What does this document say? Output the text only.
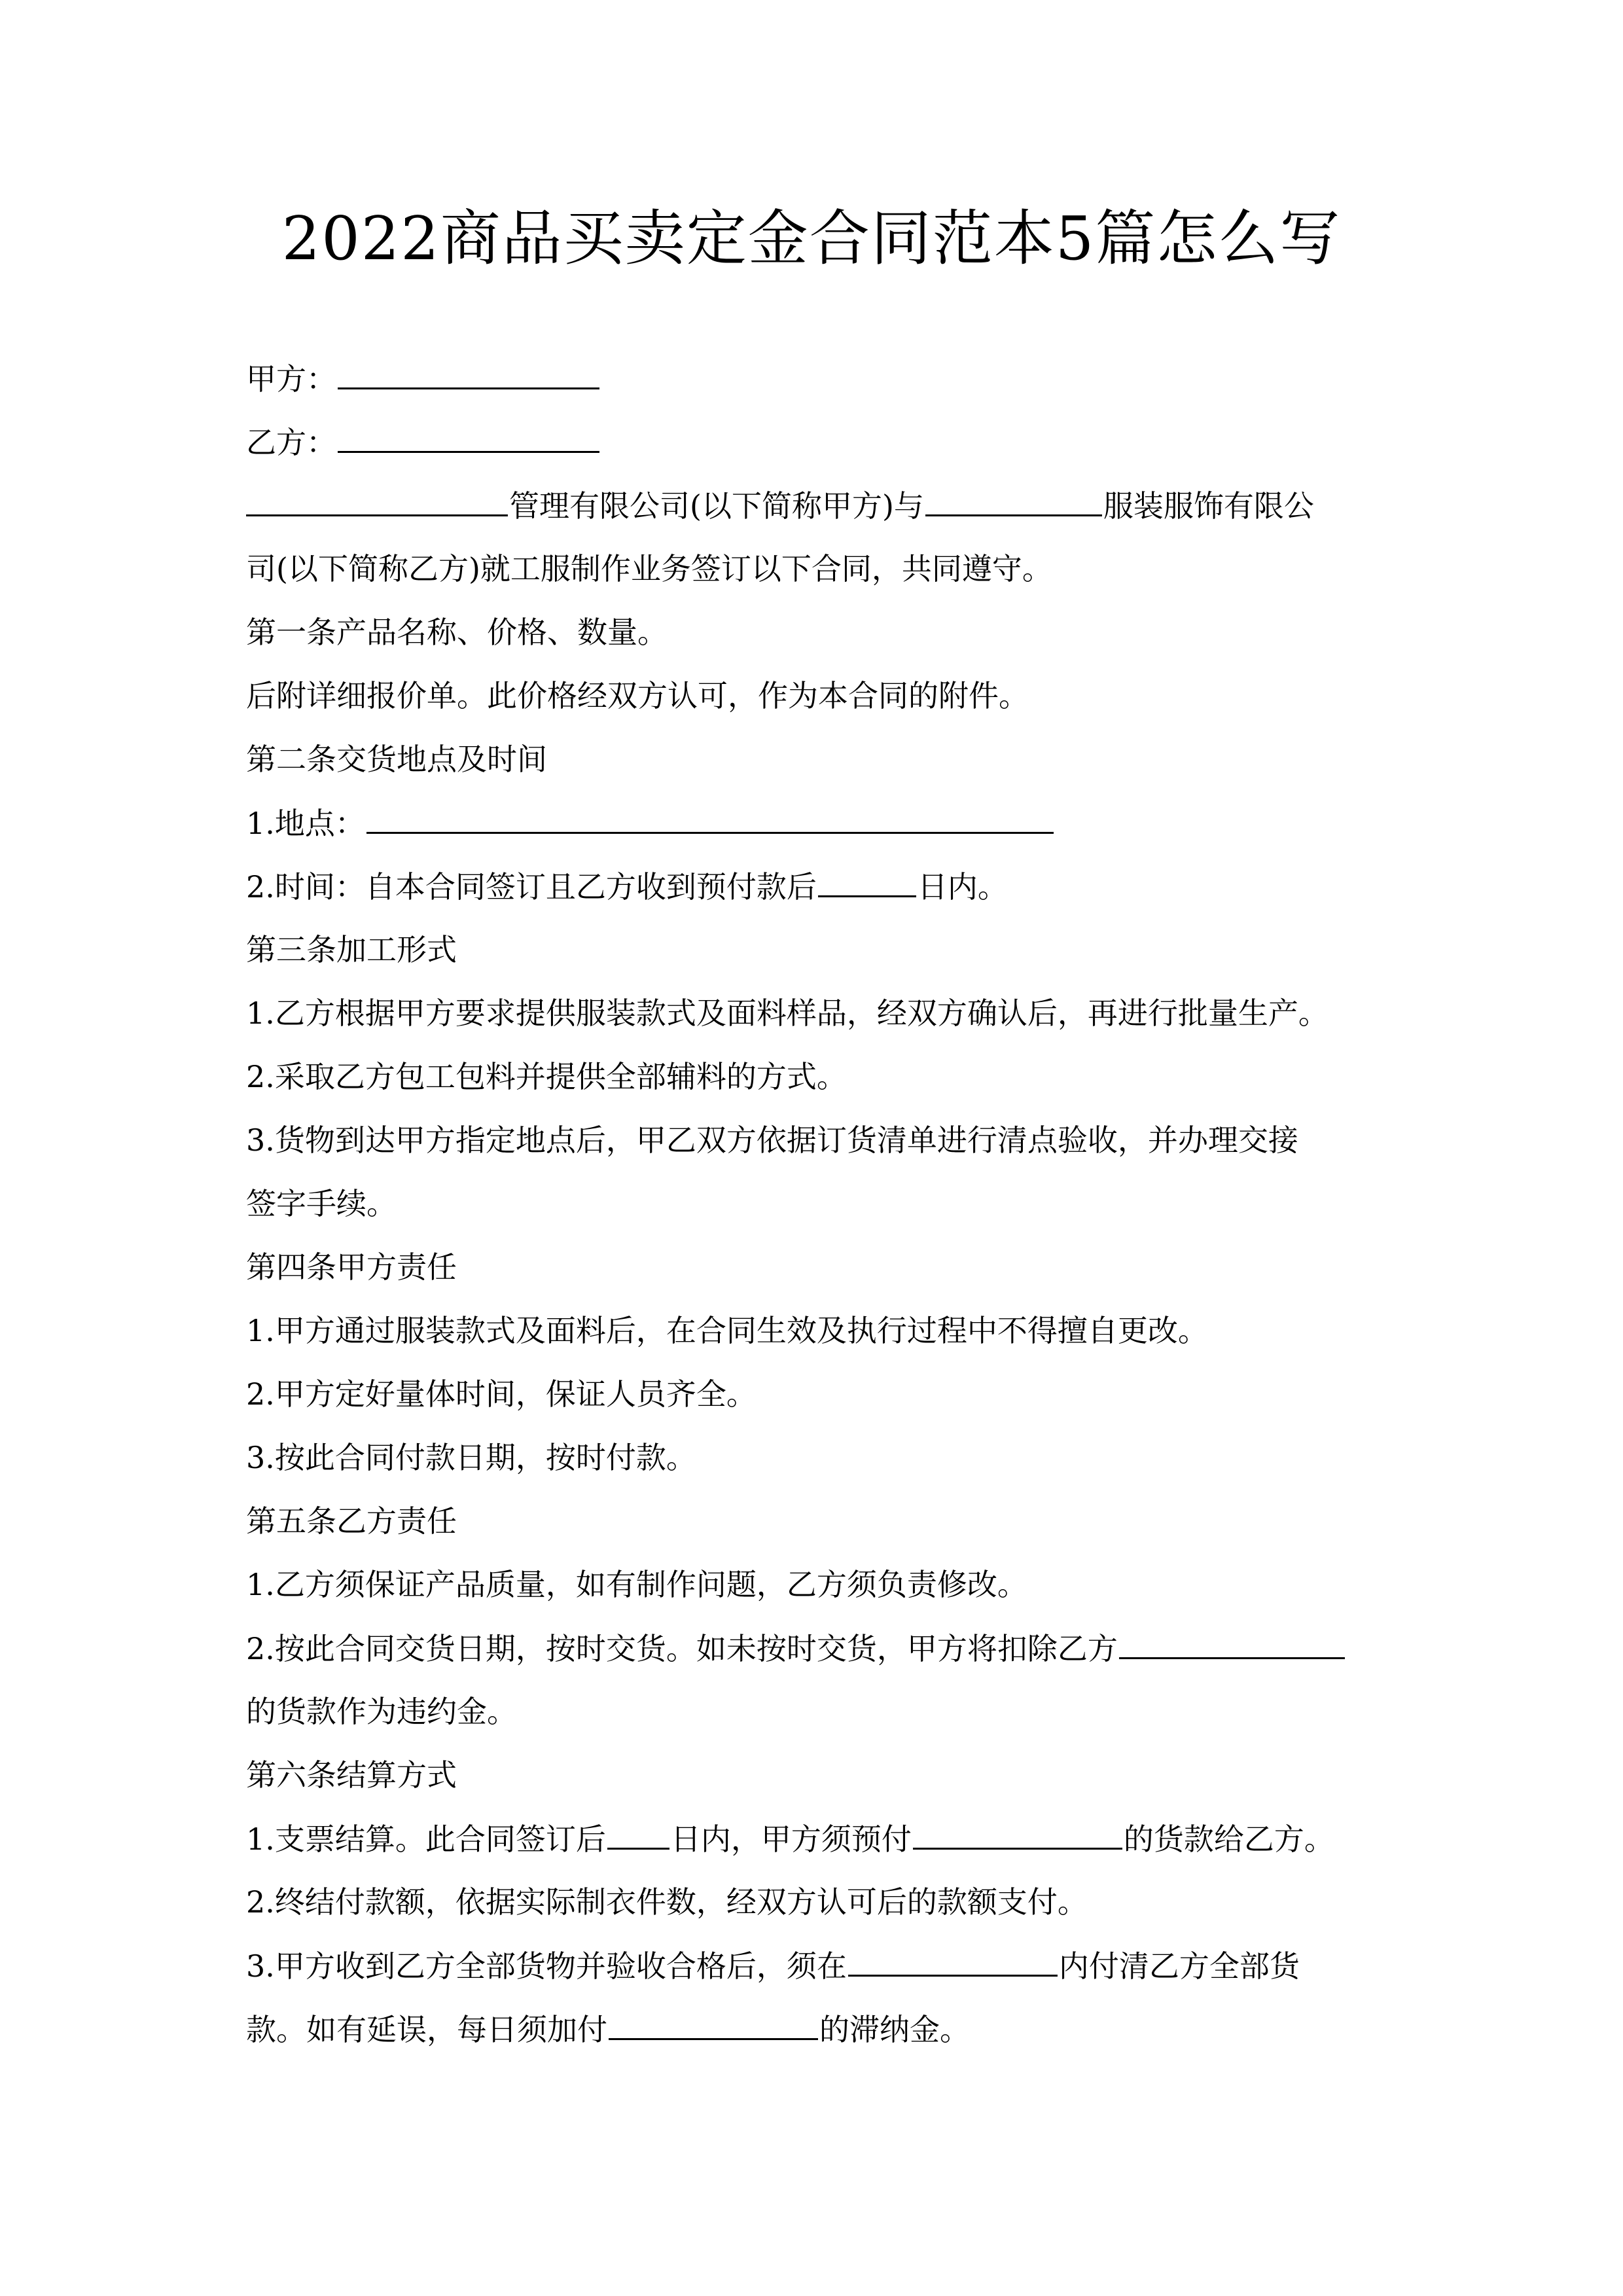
2022商品买卖定金合同范本5篇怎么写
甲方：
乙方：
管理有限公司(以下简称甲方)与	服装服饰有限公
司(以下简称乙方)就工服制作业务签订以下合同，共同遵守。
第一条产品名称、价格、数量。
后附详细报价单。此价格经双方认可，作为本合同的附件。
第二条交货地点及时间
1.地点：
2.时间：自本合同签订且乙方收到预付款后	日内。
第三条加工形式
1.乙方根据甲方要求提供服装款式及面料样品，经双方确认后，再进行批量生产。
2.采取乙方包工包料并提供全部辅料的方式。
3.货物到达甲方指定地点后，甲乙双方依据订货清单进行清点验收，并办理交接
签字手续。
第四条甲方责任
1.甲方通过服装款式及面料后，在合同生效及执行过程中不得擅自更改。
2.甲方定好量体时间，保证人员齐全。
3.按此合同付款日期，按时付款。
第五条乙方责任
1.乙方须保证产品质量，如有制作问题，乙方须负责修改。
2.按此合同交货日期，按时交货。如未按时交货，甲方将扣除乙方
的货款作为违约金。
第六条结算方式
1.支票结算。此合同签订后 日内，甲方须预付	的货款给乙方。
2.终结付款额，依据实际制衣件数，经双方认可后的款额支付。
3.甲方收到乙方全部货物并验收合格后，须在	内付清乙方全部货
款。如有延误，每日须加付	的滞纳金。
